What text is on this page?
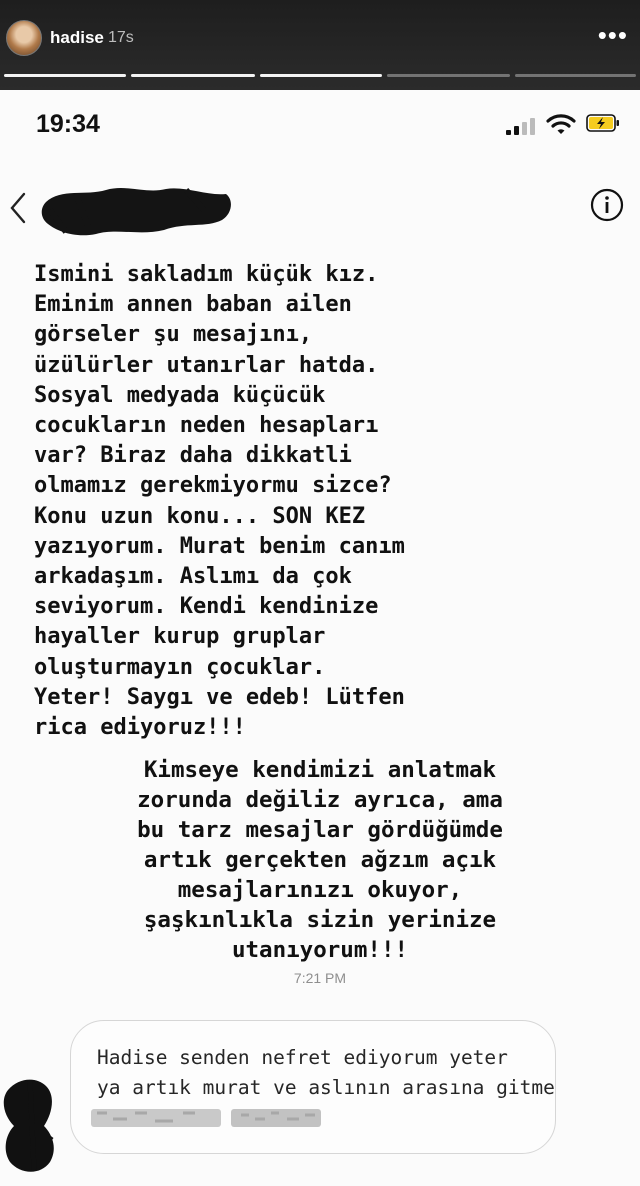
hadise 17s	•••
19:34
Ismini sakladım küçük kız.
Eminim annen baban ailen
görseler şu mesajını,
üzülürler utanırlar hatda.
Sosyal medyada küçücük
cocukların neden hesapları
var? Biraz daha dikkatli
olmamız gerekmiyormu sizce?
Konu uzun konu... SON KEZ
yazıyorum. Murat benim canım
arkadaşım. Aslımı da çok
seviyorum. Kendi kendinize
hayaller kurup gruplar
oluşturmayın çocuklar.
Yeter! Saygı ve edeb! Lütfen
rica ediyoruz!!!
Kimseye kendimizi anlatmak
zorunda değiliz ayrıca, ama
bu tarz mesajlar gördüğümde
artık gerçekten ağzım açık
mesajlarınızı okuyor,
şaşkınlıkla sizin yerinize
utanıyorum!!!
7:21 PM
Hadise senden nefret ediyorum yeter
ya artık murat ve aslının arasına gitme
